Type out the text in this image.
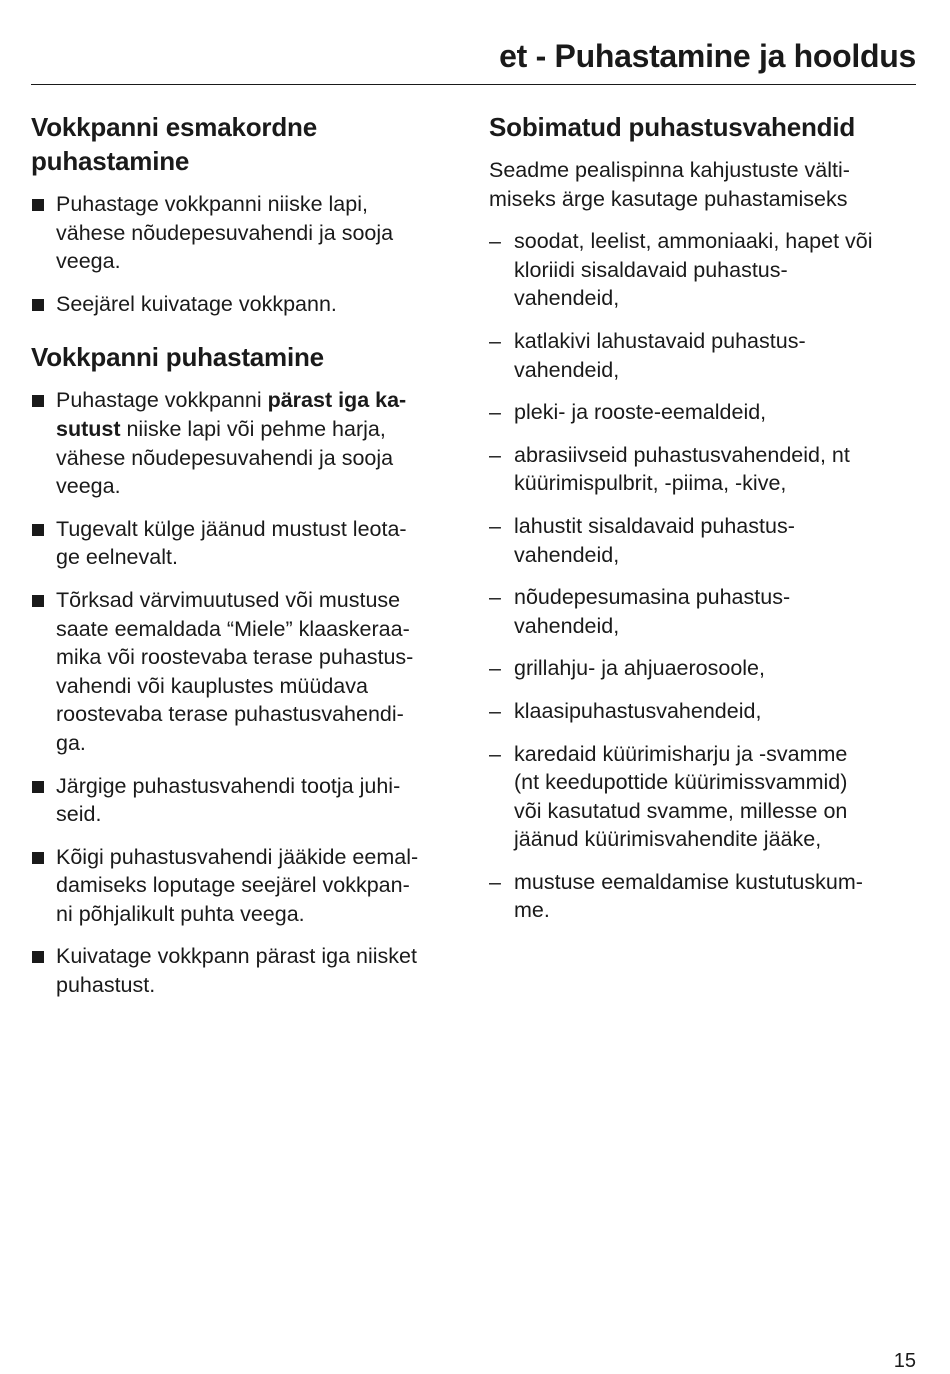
et - Puhastamine ja hooldus
Vokkpanni esmakordne
puhastamine
Puhastage vokkpanni niiske lapi,
vähese nõudepesuvahendi ja sooja
veega.
Seejärel kuivatage vokkpann.
Vokkpanni puhastamine
Puhastage vokkpanni pärast iga ka-
sutust niiske lapi või pehme harja,
vähese nõudepesuvahendi ja sooja
veega.
Tugevalt külge jäänud mustust leota-
ge eelnevalt.
Tõrksad värvimuutused või mustuse
saate eemaldada “Miele” klaaskeraa-
mika või roostevaba terase puhastus-
vahendi või kauplustes müüdava
roostevaba terase puhastusvahendi-
ga.
Järgige puhastusvahendi tootja juhi-
seid.
Kõigi puhastusvahendi jääkide eemal-
damiseks loputage seejärel vokkpan-
ni põhjalikult puhta veega.
Kuivatage vokkpann pärast iga niisket
puhastust.
Sobimatud puhastusvahendid

Seadme pealispinna kahjustuste välti-
miseks ärge kasutage puhastamiseks

– soodat, leelist, ammoniaaki, hapet või
kloriidi sisaldavaid puhastus-
vahendeid,
– katlakivi lahustavaid puhastus-
vahendeid,
– pleki- ja rooste-eemaldeid,
– abrasiivseid puhastusvahendeid, nt
küürimispulbrit, -piima, -kive,
– lahustit sisaldavaid puhastus-
vahendeid,
– nõudepesumasina puhastus-
vahendeid,
– grillahju- ja ahjuaerosoole,
– klaasipuhastusvahendeid,
– karedaid küürimisharju ja -svamme
(nt keedupottide küürimissvammid)
või kasutatud svamme, millesse on
jäänud küürimisvahendite jääke,
– mustuse eemaldamise kustutuskum-
me.
15
